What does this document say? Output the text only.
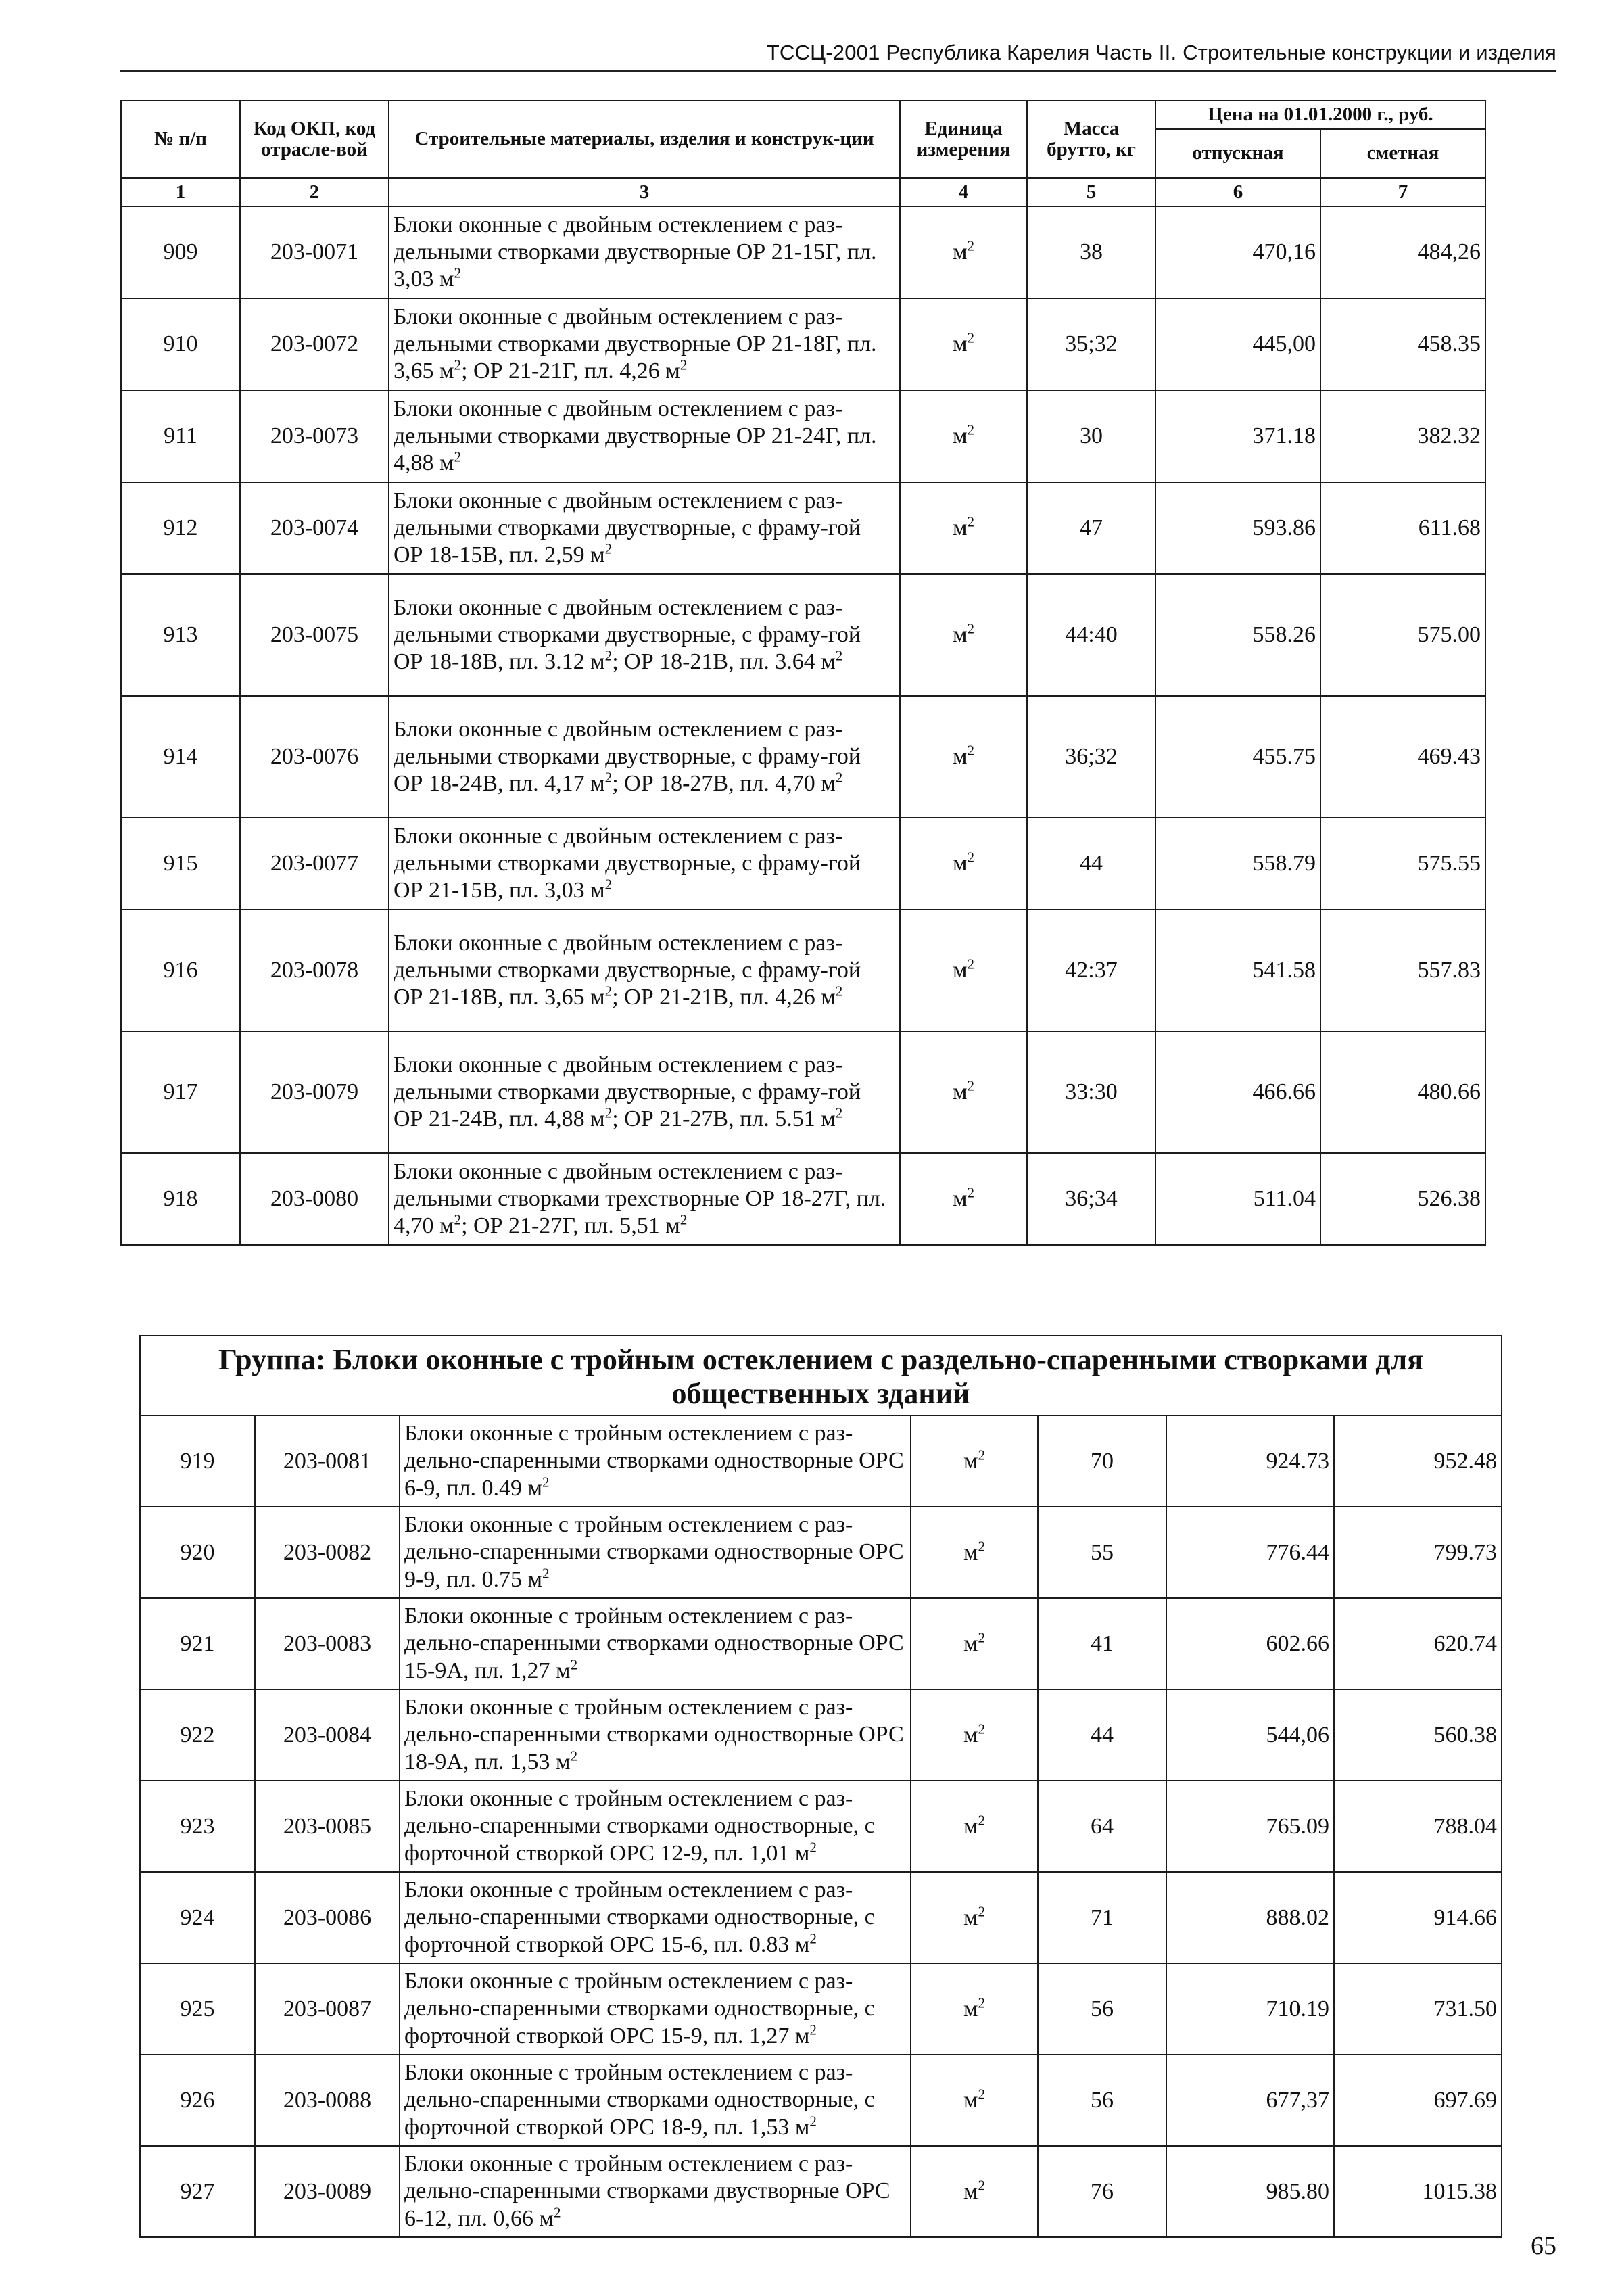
ТССЦ-2001 Республика Карелия Часть II. Строительные конструкции и изделия
№ п/п	Код ОКП, код отрасле-вой	Строительные материалы, изделия и конструк-ции	Единица измерения	Масса брутто, кг	Цена на 01.01.2000 г., руб.	
					отпускная	сметная
1	2	3	4	5	6	7
909	203-0071	Блоки оконные с двойным остеклением с раз-дельными створками двустворные ОР 21-15Г, пл. 3,03 $м^2$	$м^2$	38	470,16	484,26
910	203-0072	Блоки оконные с двойным остеклением с раз-дельными створками двустворные ОР 21-18Г, пл. 3,65 $м^2$; ОР 21-21Г, пл. 4,26 $м^2$	$м^2$	35;32	445,00	458.35
911	203-0073	Блоки оконные с двойным остеклением с раз-дельными створками двустворные ОР 21-24Г, пл. 4,88 $м^2$	$м^2$	30	371.18	382.32
912	203-0074	Блоки оконные с двойным остеклением с раз-дельными створками двустворные, с фраму-гой ОР 18-15В, пл. 2,59 $м^2$	$м^2$	47	593.86	611.68
913	203-0075	Блоки оконные с двойным остеклением с раз-дельными створками двустворные, с фраму-гой ОР 18-18В, пл. 3.12 $м^2$; ОР 18-21В, пл. 3.64 $м^2$	$м^2$	44:40	558.26	575.00
914	203-0076	Блоки оконные с двойным остеклением с раз-дельными створками двустворные, с фраму-гой ОР 18-24В, пл. 4,17 $м^2$; ОР 18-27В, пл. 4,70 $м^2$	$м^2$	36;32	455.75	469.43
915	203-0077	Блоки оконные с двойным остеклением с раз-дельными створками двустворные, с фраму-гой ОР 21-15В, пл. 3,03 $м^2$	$м^2$	44	558.79	575.55
916	203-0078	Блоки оконные с двойным остеклением с раз-дельными створками двустворные, с фраму-гой ОР 21-18В, пл. 3,65 $м^2$; ОР 21-21В, пл. 4,26 $м^2$	$м^2$	42:37	541.58	557.83
917	203-0079	Блоки оконные с двойным остеклением с раз-дельными створками двустворные, с фраму-гой ОР 21-24В, пл. 4,88 $м^2$; ОР 21-27В, пл. 5.51 $м^2$	$м^2$	33:30	466.66	480.66
918	203-0080	Блоки оконные с двойным остеклением с раз-дельными створками трехстворные ОР 18-27Г, пл. 4,70 $м^2$; ОР 21-27Г, пл. 5,51 $м^2$	$м^2$	36;34	511.04	526.38
Группа: Блоки оконные с тройным остеклением с раздельно-спаренными створками для общественных зданий						
919	203-0081	Блоки оконные с тройным остеклением с раз-дельно-спаренными створками одностворные ОРС 6-9, пл. 0.49 $м^2$	$м^2$	70	924.73	952.48
920	203-0082	Блоки оконные с тройным остеклением с раз-дельно-спаренными створками одностворные ОРС 9-9, пл. 0.75 $м^2$	$м^2$	55	776.44	799.73
921	203-0083	Блоки оконные с тройным остеклением с раз-дельно-спаренными створками одностворные ОРС 15-9А, пл. 1,27 $м^2$	$м^2$	41	602.66	620.74
922	203-0084	Блоки оконные с тройным остеклением с раз-дельно-спаренными створками одностворные ОРС 18-9А, пл. 1,53 $м^2$	$м^2$	44	544,06	560.38
923	203-0085	Блоки оконные с тройным остеклением с раз-дельно-спаренными створками одностворные, с форточной створкой ОРС 12-9, пл. 1,01 $м^2$	$м^2$	64	765.09	788.04
924	203-0086	Блоки оконные с тройным остеклением с раз-дельно-спаренными створками одностворные, с форточной створкой ОРС 15-6, пл. 0.83 $м^2$	$м^2$	71	888.02	914.66
925	203-0087	Блоки оконные с тройным остеклением с раз-дельно-спаренными створками одностворные, с форточной створкой ОРС 15-9, пл. 1,27 $м^2$	$м^2$	56	710.19	731.50
926	203-0088	Блоки оконные с тройным остеклением с раз-дельно-спаренными створками одностворные, с форточной створкой ОРС 18-9, пл. 1,53 $м^2$	$м^2$	56	677,37	697.69
927	203-0089	Блоки оконные с тройным остеклением с раз-дельно-спаренными створками двустворные ОРС 6-12, пл. 0,66 $м^2$	$м^2$	76	985.80	1015.38
65
